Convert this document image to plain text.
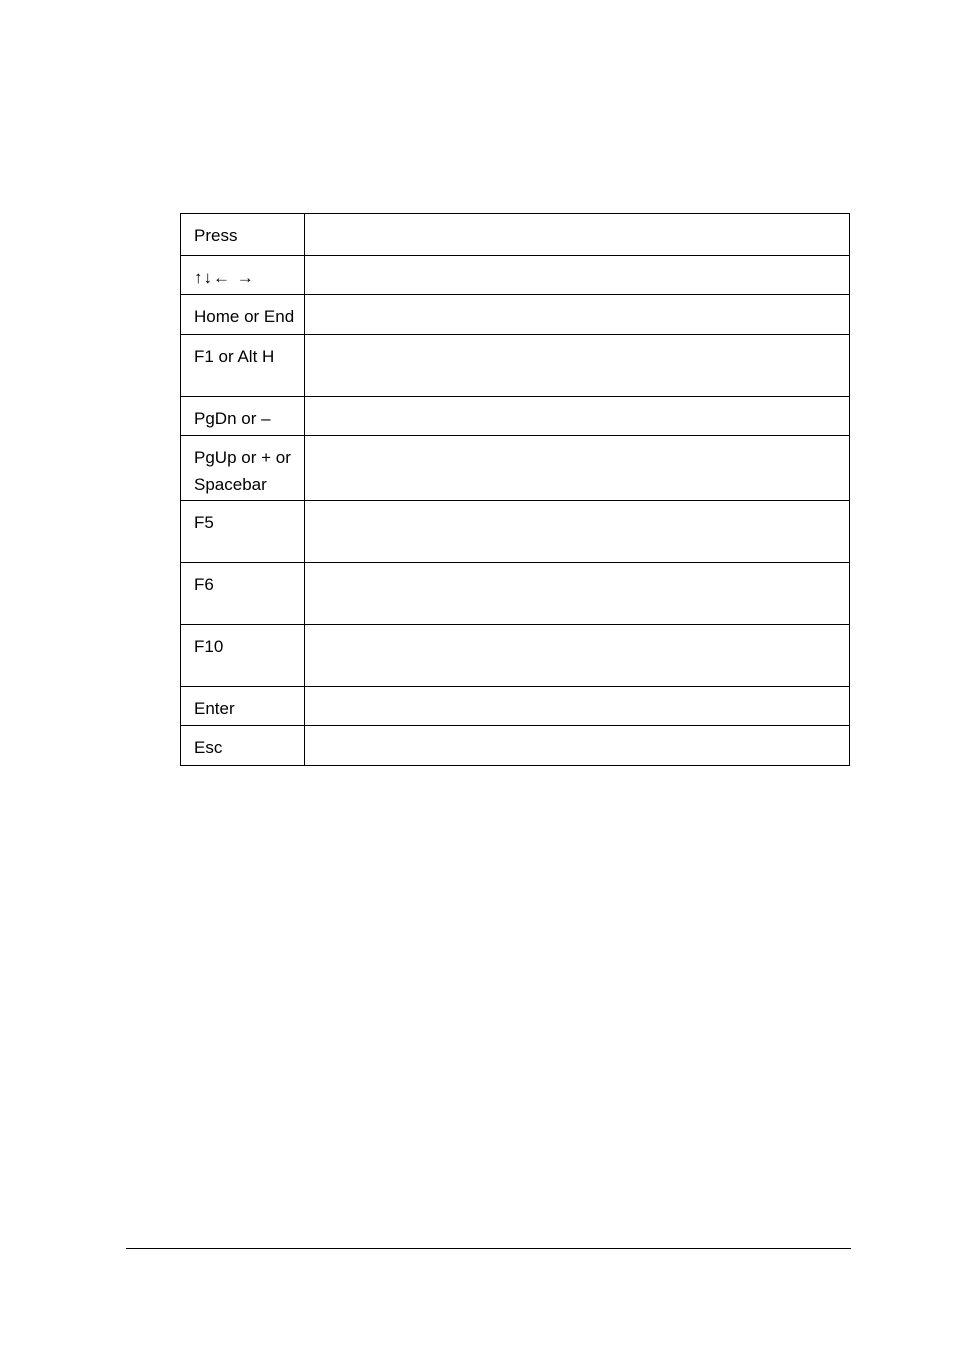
Press	
↑↓← →	
Home or End	
F1 or Alt H	
PgDn or –	
PgUp or + or Spacebar	
F5	
F6	
F10	
Enter	
Esc	
